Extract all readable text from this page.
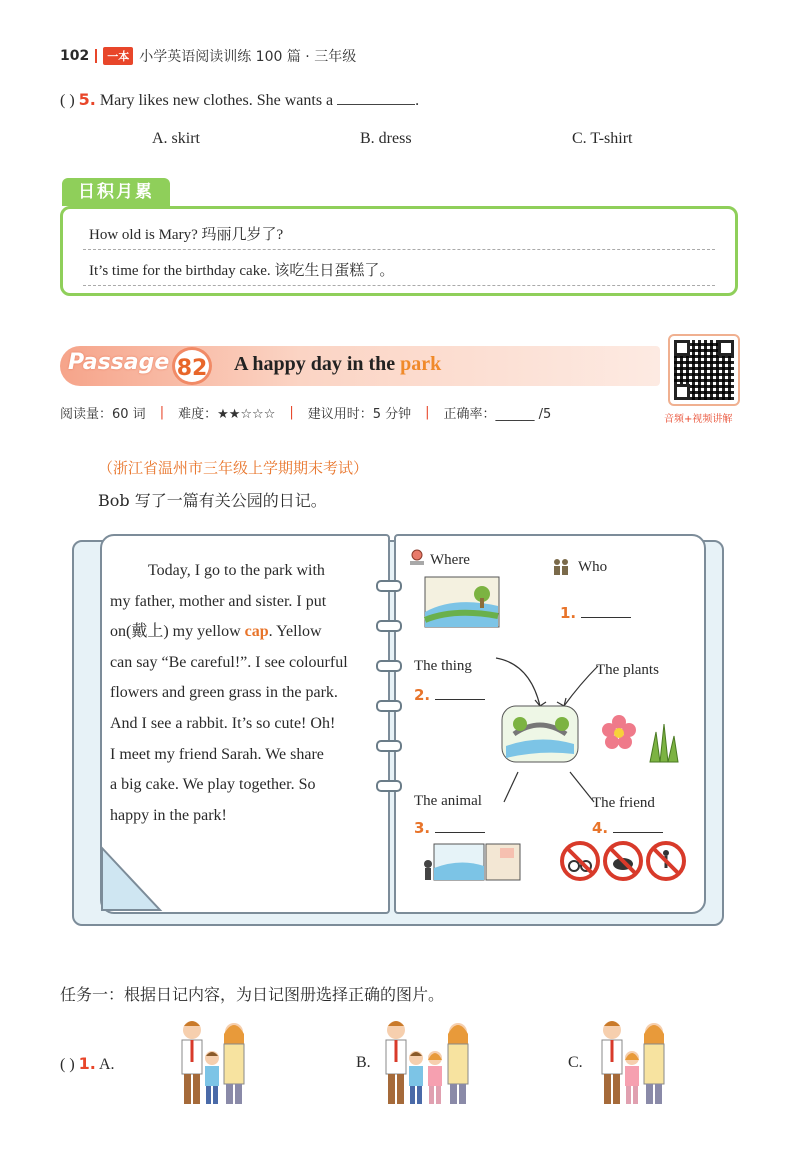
102	一本 小学英语阅读训练 100 篇 · 三年级
( ) 5. Mary likes new clothes. She wants a	.
A. skirt	B. dress	C. T-shirt
日积月累
How old is Mary? 玛丽几岁了?
It’s time for the birthday cake. 该吃生日蛋糕了。
Passage 82 A happy day in the park
音频+视频讲解
阅读量：60 词 | 难度：★★☆☆☆ | 建议用时：5 分钟 | 正确率：______ /5
（浙江省温州市三年级上学期期末考试）
Bob 写了一篇有关公园的日记。
Today, I go to the park with
my father, mother and sister. I put
on(戴上) my yellow cap. Yellow
can say “Be careful!”. I see colourful
flowers and green grass in the park.
And I see a rabbit. It’s so cute! Oh!
I meet my friend Sarah. We share
a big cake. We play together. So
happy in the park!
Where	Who
1.
The thing
2.
The plants
The animal
3.
The friend
4.
任务一：根据日记内容，为日记图册选择正确的图片。
( ) 1. A.	B.	C.
